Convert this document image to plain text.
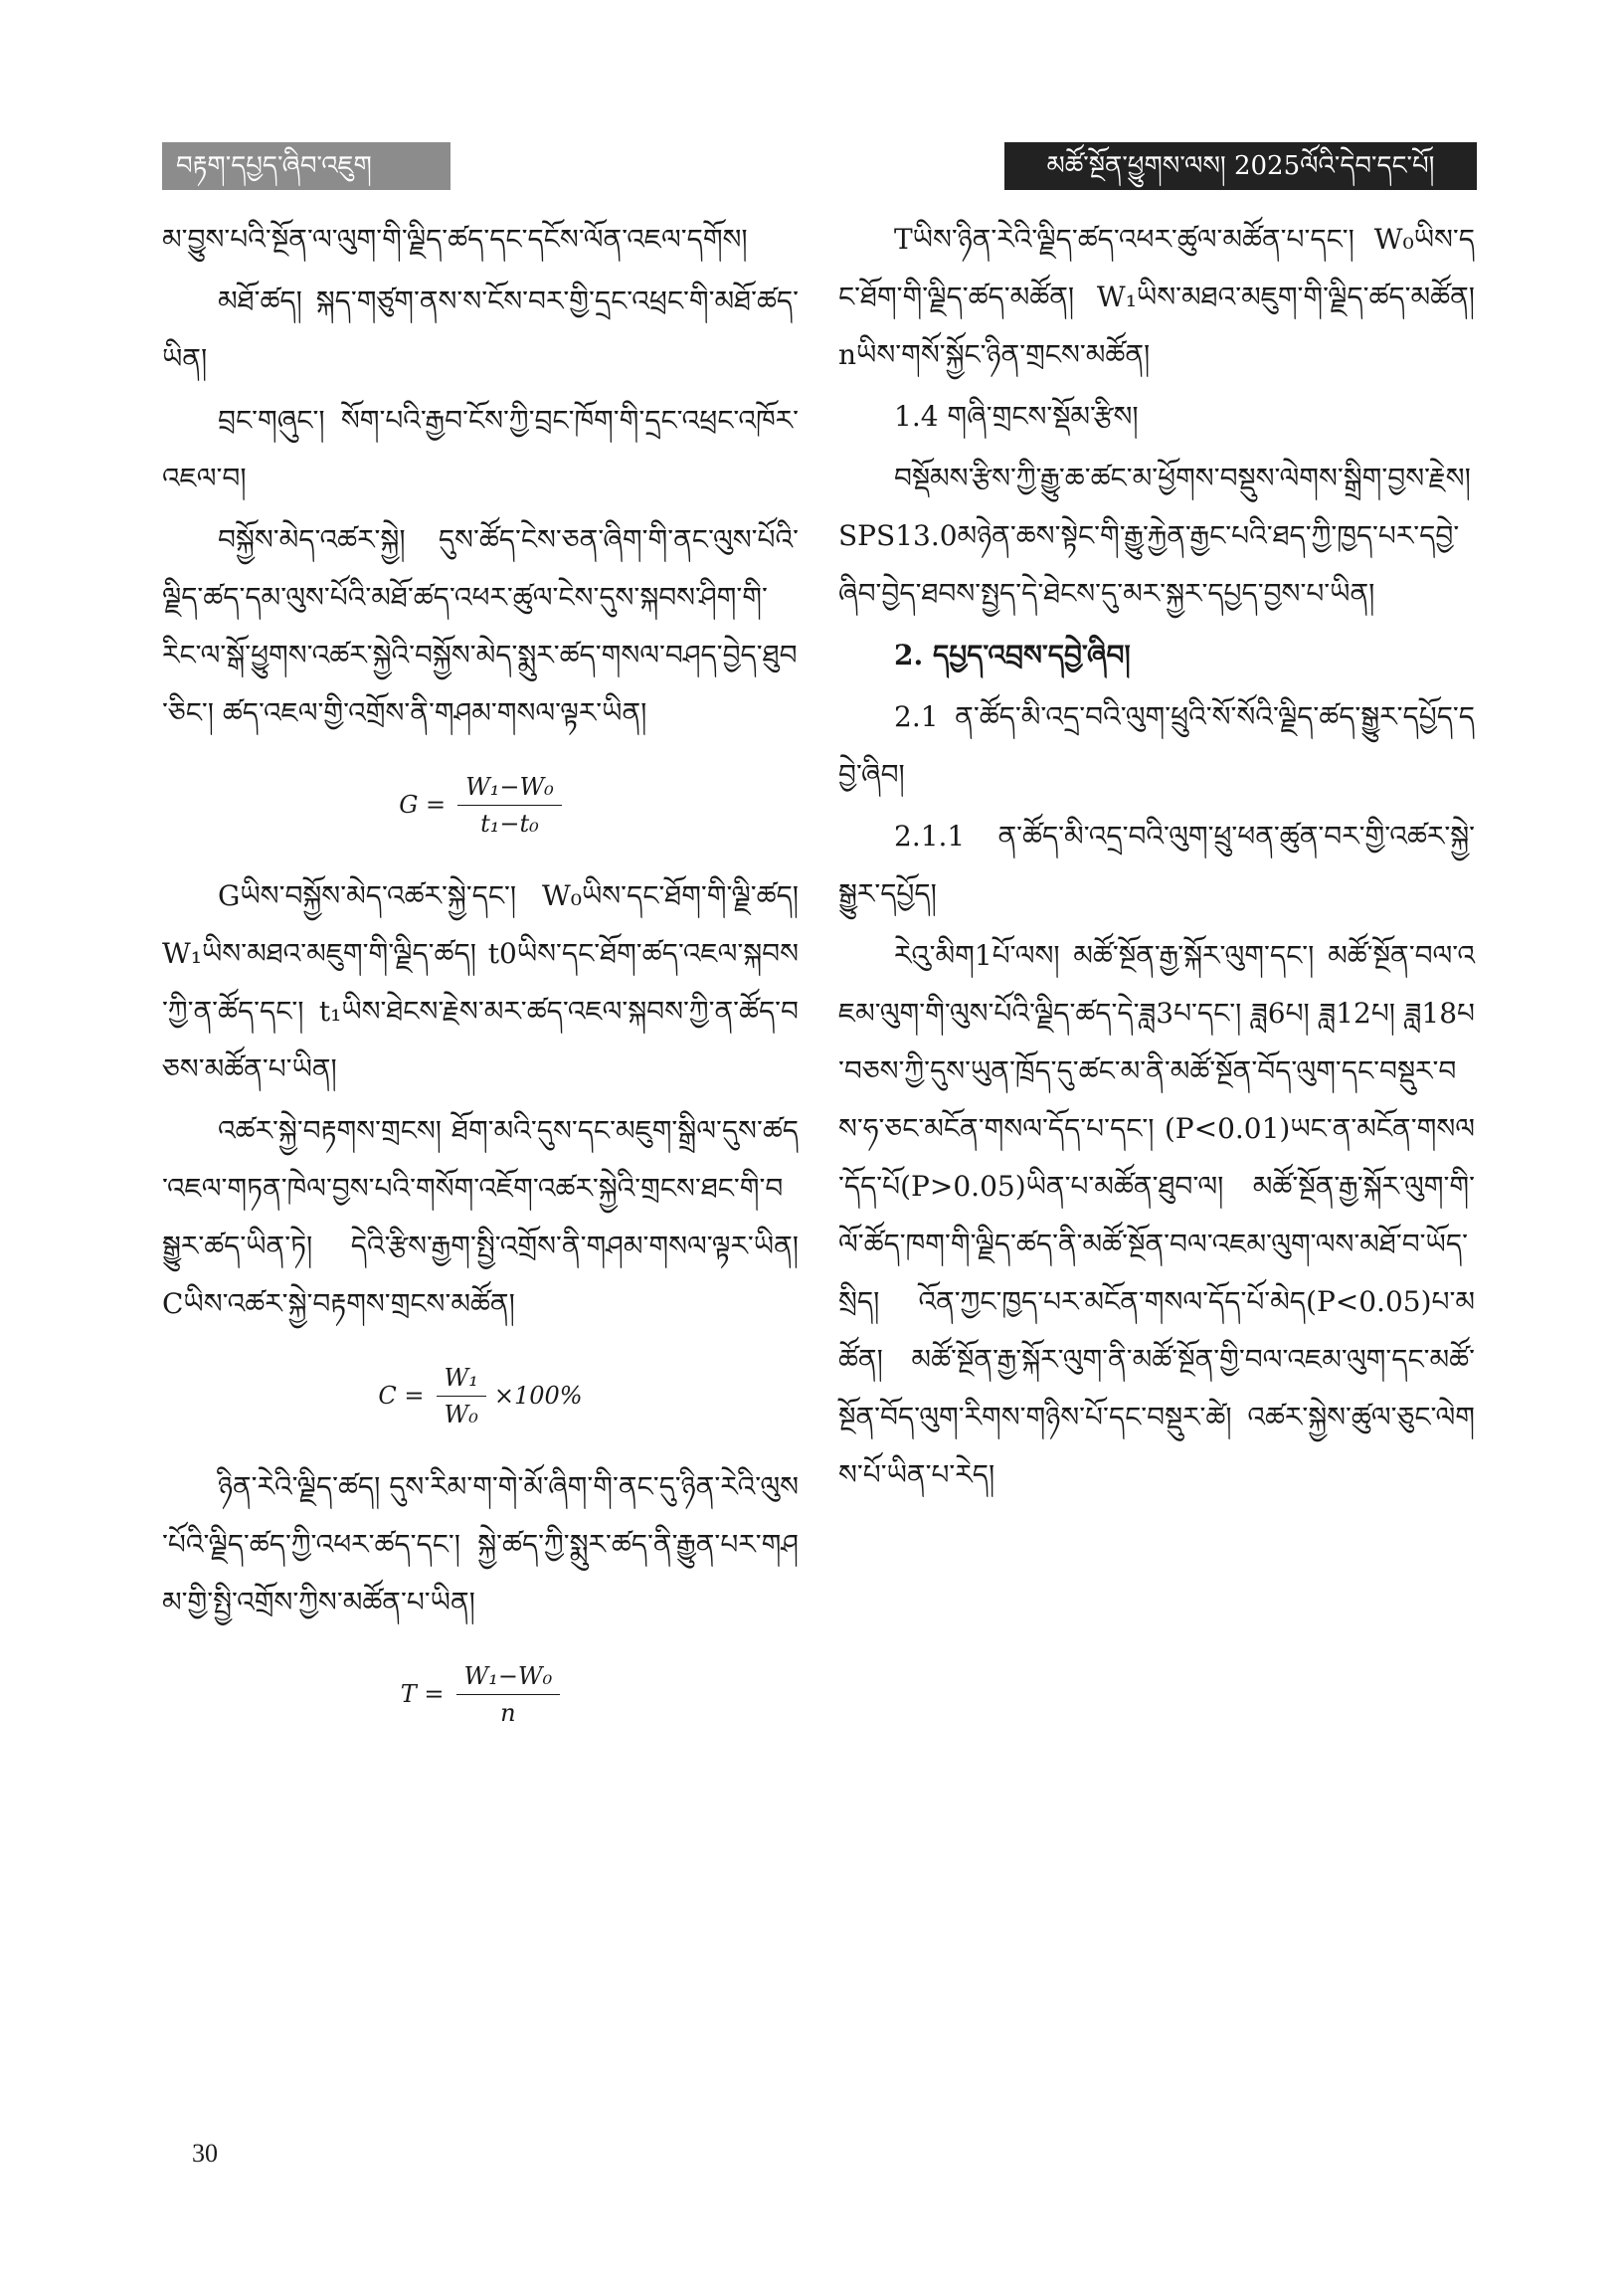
བརྟག་དཔྱད་ཞིབ་འཇུག	མཚོ་སྔོན་ཕྱུགས་ལས། 2025ལོའི་དེབ་དང་པོ།

མ་བྱུས་པའི་སྔོན་ལ་ལུག་གི་ལྗིད་ཚད་དང་དངོས་ལོན་འཇལ་དགོས།

མཐོ་ཚད། སྐད་གཙུག་ནས་ས་ངོས་བར་གྱི་དྲང་འཕྲང་གི་མཐོ་ཚད་ཡིན།

བྲང་གཞུང་། སོག་པའི་རྒྱབ་ངོས་ཀྱི་བྲང་ཁོག་གི་དྲང་འཕྲང་འཁོར་འཇལ་བ།

བསྐྱོས་མེད་འཚར་སྐྱེ། དུས་ཚོད་ངེས་ཅན་ཞིག་གི་ནང་ལུས་པོའི་ལྗིད་ཚད་དམ་ལུས་པོའི་མཐོ་ཚད་འཕར་ཚུལ་ངེས་དུས་སྐབས་ཤིག་གི་རིང་ལ་སྒོ་ཕྱུགས་འཚར་སྐྱེའི་བསྐྱོས་མེད་སྨུར་ཚད་གསལ་བཤད་བྱེད་ཐུབ་ཅིང་། ཚད་འཇལ་གྱི་འགྲོས་ནི་གཤམ་གསལ་ལྟར་ཡིན།

$G = \frac{\text{W₁−W₀}}{\text{t₁−t₀}}$

Gཡིས་བསྐྱོས་མེད་འཚར་སྐྱེ་དང་། W₀ཡིས་དང་ཐོག་གི་ལྗི་ཚད། W₁ཡིས་མཐའ་མཇུག་གི་ལྗིད་ཚད། t0ཡིས་དང་ཐོག་ཚད་འཇལ་སྐབས་ཀྱི་ན་ཚོད་དང་། t₁ཡིས་ཐེངས་རྗེས་མར་ཚད་འཇལ་སྐབས་ཀྱི་ན་ཚོད་བཅས་མཚོན་པ་ཡིན།

འཚར་སྐྱེ་བརྟགས་གྲངས། ཐོག་མའི་དུས་དང་མཇུག་སྒྲིལ་དུས་ཚད་འཇལ་གཏན་ཁེལ་བྱས་པའི་གསོག་འཇོག་འཚར་སྐྱེའི་གྲངས་ཐང་གི་བསྒྱུར་ཚད་ཡིན་ཏེ། དེའི་རྩིས་རྒྱག་སྤྱི་འགྲོས་ནི་གཤམ་གསལ་ལྟར་ཡིན། Cཡིས་འཚར་སྐྱེ་བརྟགས་གྲངས་མཚོན།

$C = \frac{\text{W₁}}{\text{W₀}} \times 100\%$

ཉིན་རེའི་ལྗིད་ཚད། དུས་རིམ་ག་གེ་མོ་ཞིག་གི་ནང་དུ་ཉིན་རེའི་ལུས་པོའི་ལྗིད་ཚད་ཀྱི་འཕར་ཚད་དང་། སྐྱེ་ཚད་ཀྱི་སྨུར་ཚད་ནི་རྒྱུན་པར་གཤམ་གྱི་སྤྱི་འགྲོས་ཀྱིས་མཚོན་པ་ཡིན།

$T = \frac{\text{W₁−W₀}}{n}$

Tཡིས་ཉིན་རེའི་ལྗིད་ཚད་འཕར་ཚུལ་མཚོན་པ་དང་། W₀ཡིས་དང་ཐོག་གི་ལྗིད་ཚད་མཚོན། W₁ཡིས་མཐའ་མཇུག་གི་ལྗིད་ཚད་མཚོན། nཡིས་གསོ་སྐྱོང་ཉིན་གྲངས་མཚོན།

1.4 གཞི་གྲངས་སྡོམ་རྩིས།

བསྡོམས་རྩིས་ཀྱི་རྒྱུ་ཆ་ཚང་མ་ཕྱོགས་བསྡུས་ལེགས་སྒྲིག་བྱས་རྗེས། SPS13.0མཉེན་ཆས་སྟེང་གི་རྒྱུ་རྐྱེན་རྒྱང་པའི་ཐད་ཀྱི་ཁྱད་པར་དབྱེ་ཞིབ་བྱེད་ཐབས་སྤྱད་དེ་ཐེངས་དུ་མར་སྐྱར་དཔྱད་བྱས་པ་ཡིན།

2. དཔྱད་འབྲས་དབྱེ་ཞིབ།

2.1 ན་ཚོད་མི་འདྲ་བའི་ལུག་ཕྲུའི་སོ་སོའི་ལྗིད་ཚད་སྒྱུར་དཔྱོད་དབྱེ་ཞིབ།

2.1.1 ན་ཚོད་མི་འདྲ་བའི་ལུག་ཕྲུ་ཕན་ཚུན་བར་གྱི་འཚར་སྐྱེ་སྒྱུར་དཔྱོད།

རེའུ་མིག1པོ་ལས། མཚོ་སྔོན་རྒྱ་སྐོར་ལུག་དང་། མཚོ་སྔོན་བལ་འཇམ་ལུག་གི་ལུས་པོའི་ལྗིད་ཚད་དེ་ཟླ3པ་དང་། ཟླ6པ། ཟླ12པ། ཟླ18པ་བཅས་ཀྱི་དུས་ཡུན་ཁྲོད་དུ་ཚང་མ་ནི་མཚོ་སྔོན་བོད་ལུག་དང་བསྡུར་བས་ཧ་ཅང་མངོན་གསལ་དོད་པ་དང་། (P<0.01)ཡང་ན་མངོན་གསལ་དོད་པོ(P>0.05)ཡིན་པ་མཚོན་ཐུབ་ལ། མཚོ་སྔོན་རྒྱ་སྐོར་ལུག་གི་ལོ་ཚོད་ཁག་གི་ལྗིད་ཚད་ནི་མཚོ་སྔོན་བལ་འཇམ་ལུག་ལས་མཐོ་བ་ཡོད་སྲིད། འོན་ཀྱང་ཁྱད་པར་མངོན་གསལ་དོད་པོ་མེད(P<0.05)པ་མཚོན། མཚོ་སྔོན་རྒྱ་སྐོར་ལུག་ནི་མཚོ་སྔོན་གྱི་བལ་འཇམ་ལུག་དང་མཚོ་སྔོན་བོད་ལུག་རིགས་གཉིས་པོ་དང་བསྡུར་ཚེ། འཚར་སྐྱེས་ཚུལ་ཅུང་ལེགས་པོ་ཡིན་པ་རེད།

30
